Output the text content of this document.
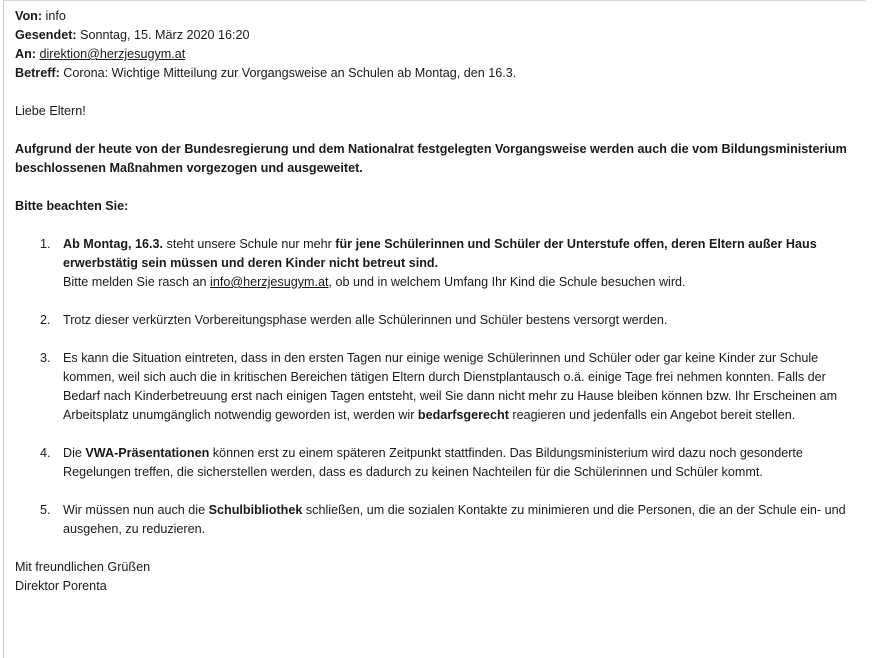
Von: info
Gesendet: Sonntag, 15. März 2020 16:20
An: direktion@herzjesugym.at
Betreff: Corona: Wichtige Mitteilung zur Vorgangsweise an Schulen ab Montag, den 16.3.
Liebe Eltern!
Aufgrund der heute von der Bundesregierung und dem Nationalrat festgelegten Vorgangsweise werden auch die vom Bildungsministerium beschlossenen Maßnahmen vorgezogen und ausgeweitet.
Bitte beachten Sie:
1. Ab Montag, 16.3. steht unsere Schule nur mehr für jene Schülerinnen und Schüler der Unterstufe offen, deren Eltern außer Haus erwerbstätig sein müssen und deren Kinder nicht betreut sind.
Bitte melden Sie rasch an info@herzjesugym.at, ob und in welchem Umfang Ihr Kind die Schule besuchen wird.
2. Trotz dieser verkürzten Vorbereitungsphase werden alle Schülerinnen und Schüler bestens versorgt werden.
3. Es kann die Situation eintreten, dass in den ersten Tagen nur einige wenige Schülerinnen und Schüler oder gar keine Kinder zur Schule kommen, weil sich auch die in kritischen Bereichen tätigen Eltern durch Dienstplantausch o.ä. einige Tage frei nehmen konnten. Falls der Bedarf nach Kinderbetreuung erst nach einigen Tagen entsteht, weil Sie dann nicht mehr zu Hause bleiben können bzw. Ihr Erscheinen am Arbeitsplatz unumgänglich notwendig geworden ist, werden wir bedarfsgerecht reagieren und jedenfalls ein Angebot bereit stellen.
4. Die VWA-Präsentationen können erst zu einem späteren Zeitpunkt stattfinden. Das Bildungsministerium wird dazu noch gesonderte Regelungen treffen, die sicherstellen werden, dass es dadurch zu keinen Nachteilen für die Schülerinnen und Schüler kommt.
5. Wir müssen nun auch die Schulbibliothek schließen, um die sozialen Kontakte zu minimieren und die Personen, die an der Schule ein- und ausgehen, zu reduzieren.
Mit freundlichen Grüßen
Direktor Porenta
